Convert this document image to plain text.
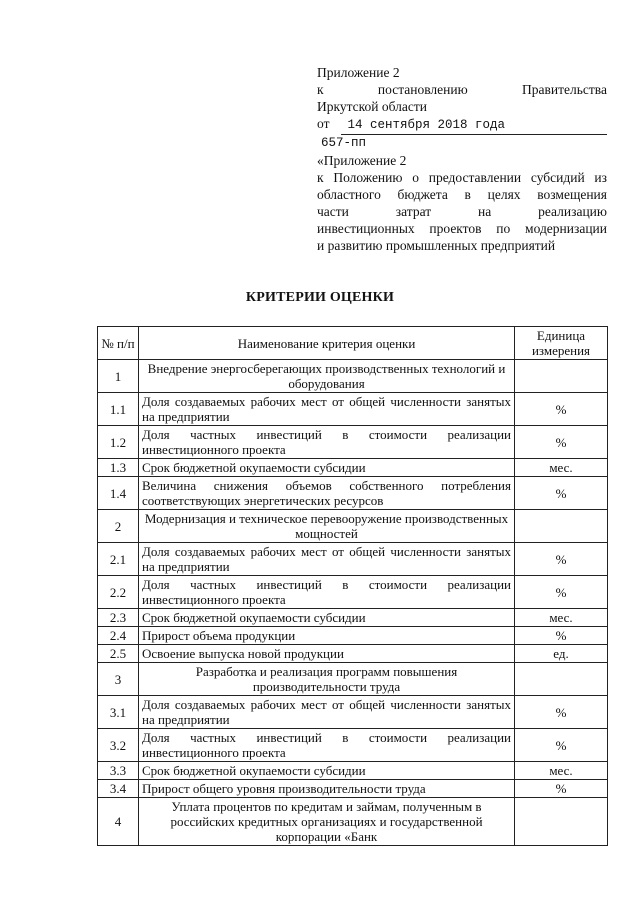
Приложение 2
к постановлению Правительства
Иркутской области
от	14 сентября 2018 года
657-пп
«Приложение 2
к Положению о предоставлении субсидий из
областного бюджета в целях возмещения
части затрат на реализацию
инвестиционных проектов по модернизации
и развитию промышленных предприятий
КРИТЕРИИ ОЦЕНКИ
№ п/п	Наименование критерия оценки	Единица измерения
1	Внедрение энергосберегающих производственных технологий и оборудования	
1.1	Доля создаваемых рабочих мест от общей численности занятых на предприятии	%
1.2	Доля частных инвестиций в стоимости реализации инвестиционного проекта	%
1.3	Срок бюджетной окупаемости субсидии	мес.
1.4	Величина снижения объемов собственного потребления соответствующих энергетических ресурсов	%
2	Модернизация и техническое перевооружение производственных мощностей	
2.1	Доля создаваемых рабочих мест от общей численности занятых на предприятии	%
2.2	Доля частных инвестиций в стоимости реализации инвестиционного проекта	%
2.3	Срок бюджетной окупаемости субсидии	мес.
2.4	Прирост объема продукции	%
2.5	Освоение выпуска новой продукции	ед.
3	Разработка и реализация программ повышения производительности труда	
3.1	Доля создаваемых рабочих мест от общей численности занятых на предприятии	%
3.2	Доля частных инвестиций в стоимости реализации инвестиционного проекта	%
3.3	Срок бюджетной окупаемости субсидии	мес.
3.4	Прирост общего уровня производительности труда	%
4	Уплата процентов по кредитам и займам, полученным в российских кредитных организациях и государственной корпорации «Банк	
